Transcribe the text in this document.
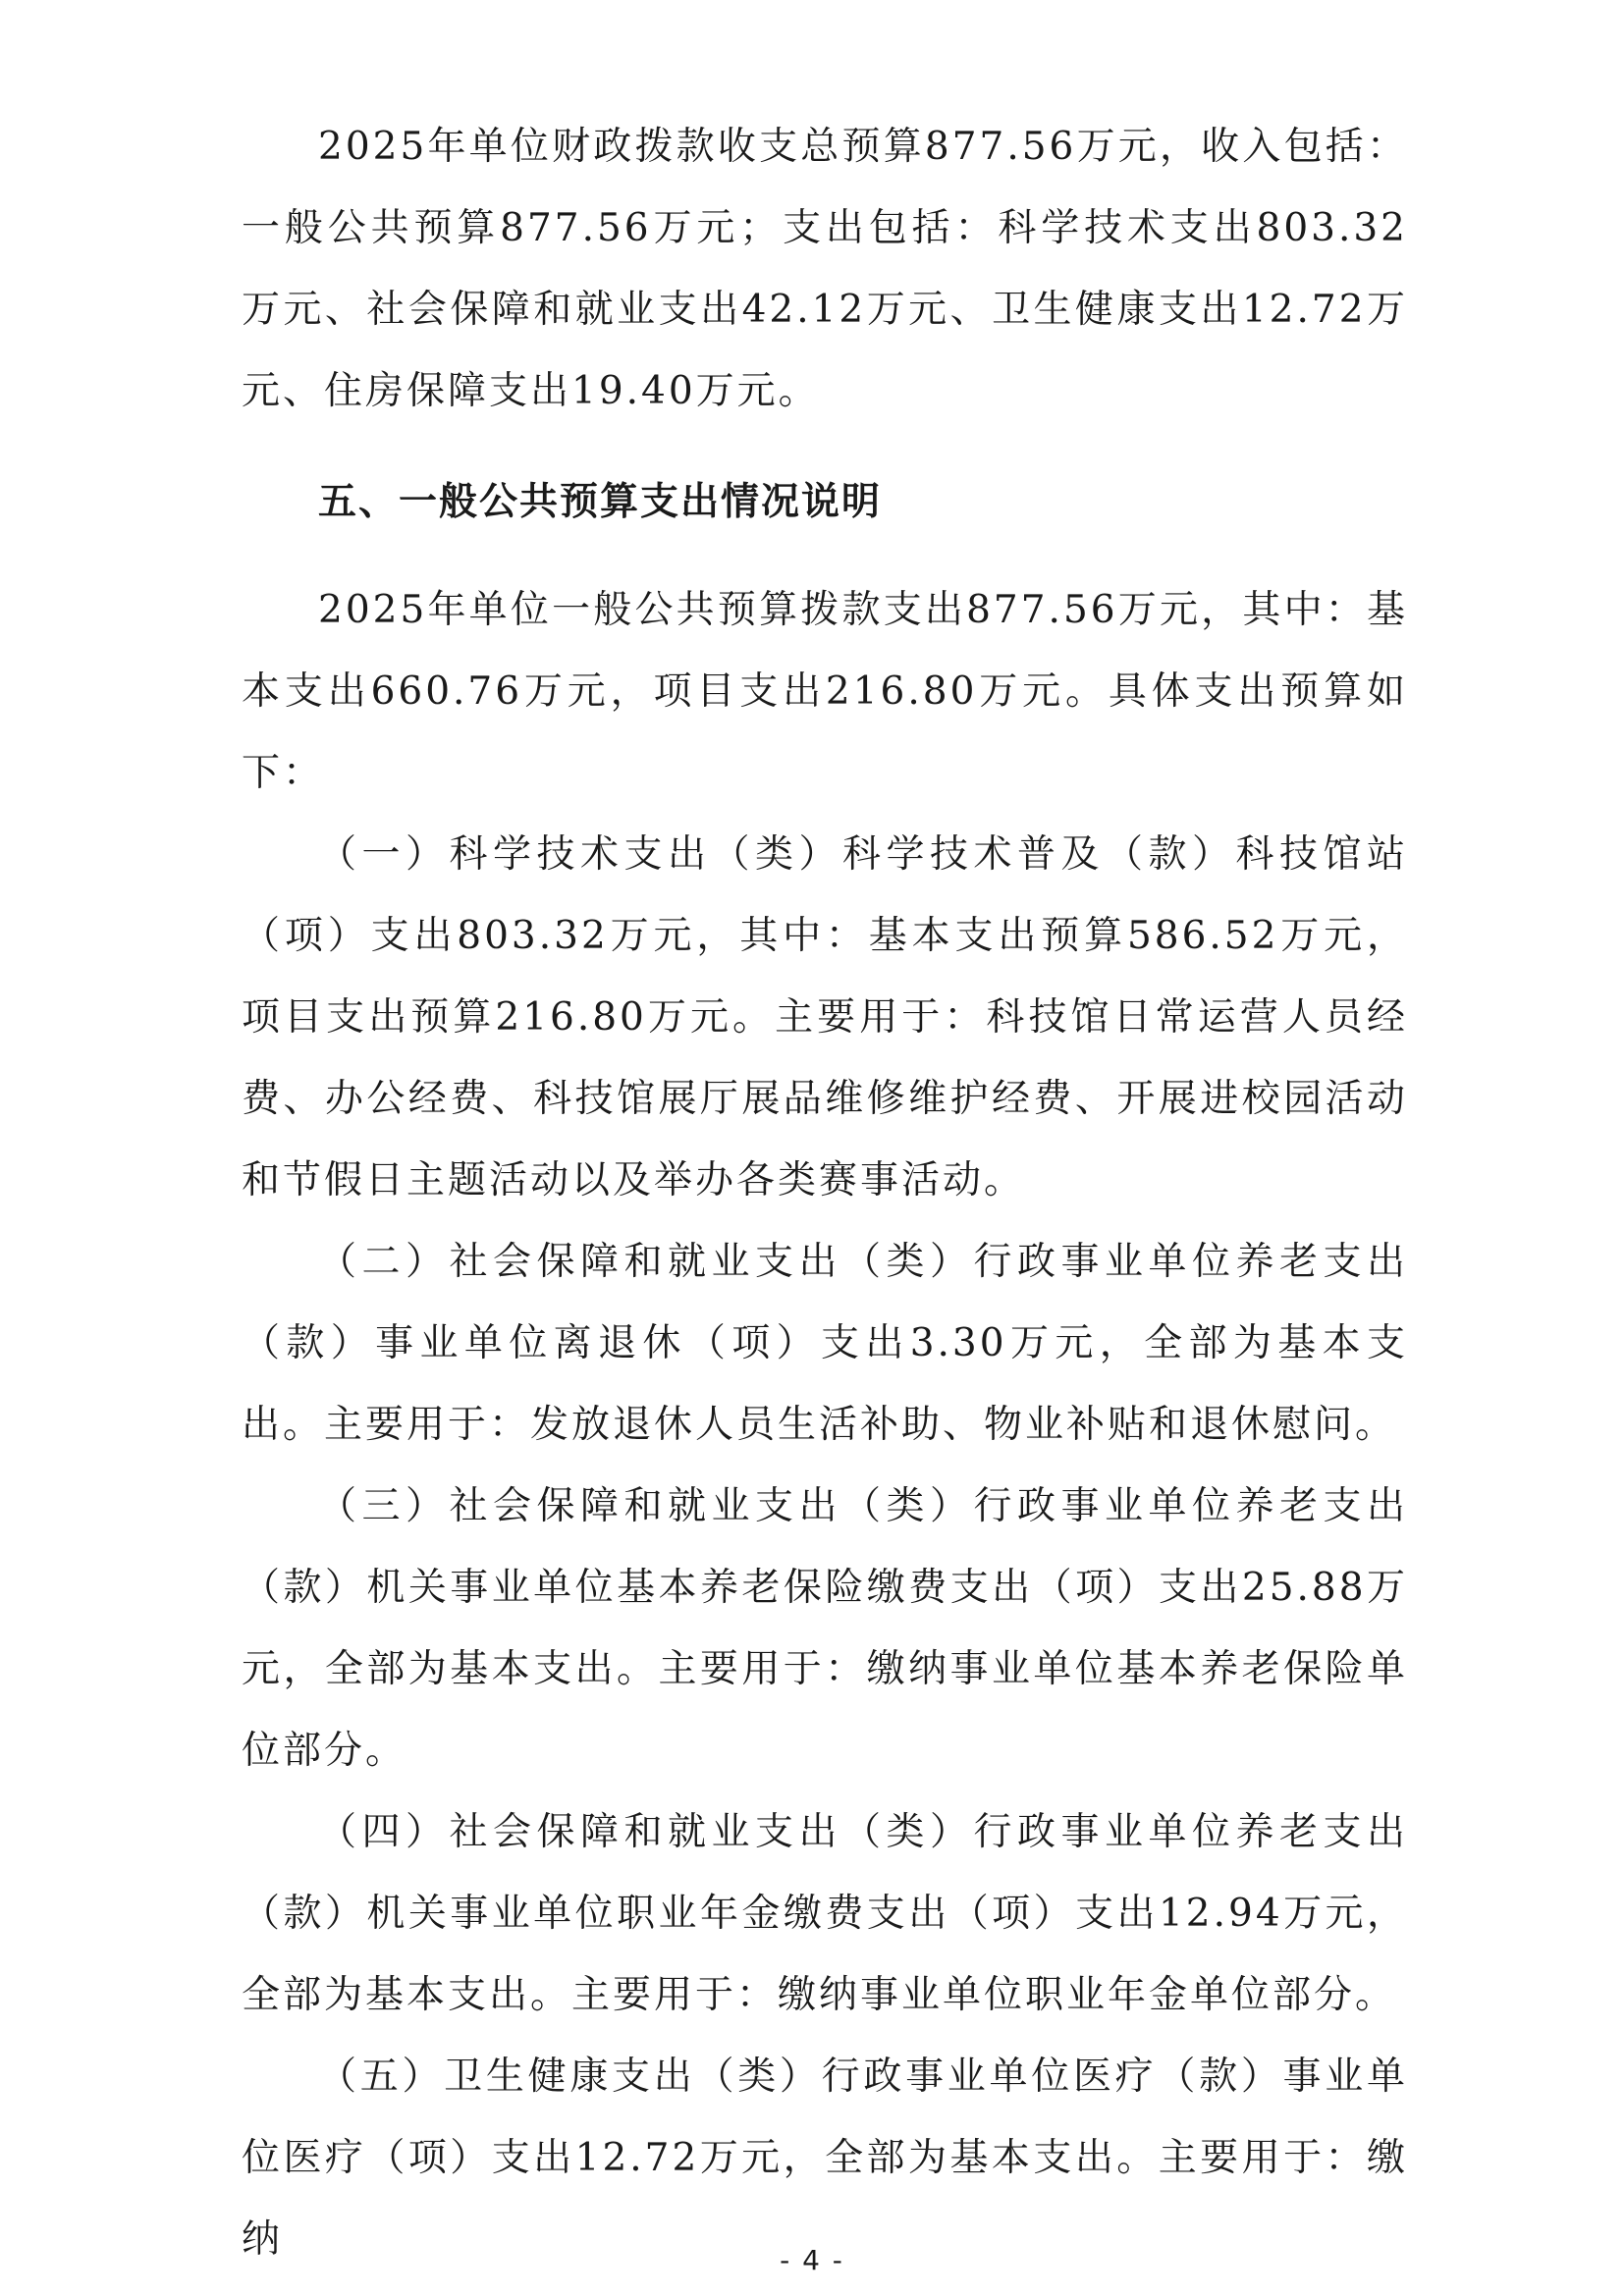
2025年单位财政拨款收支总预算877.56万元，收入包括：一般公共预算877.56万元；支出包括：科学技术支出803.32万元、社会保障和就业支出42.12万元、卫生健康支出12.72万元、住房保障支出19.40万元。

五、一般公共预算支出情况说明

2025年单位一般公共预算拨款支出877.56万元，其中：基本支出660.76万元，项目支出216.80万元。具体支出预算如下：

（一）科学技术支出（类）科学技术普及（款）科技馆站（项）支出803.32万元，其中：基本支出预算586.52万元，项目支出预算216.80万元。主要用于：科技馆日常运营人员经费、办公经费、科技馆展厅展品维修维护经费、开展进校园活动和节假日主题活动以及举办各类赛事活动。

（二）社会保障和就业支出（类）行政事业单位养老支出（款）事业单位离退休（项）支出3.30万元，全部为基本支出。主要用于：发放退休人员生活补助、物业补贴和退休慰问。

（三）社会保障和就业支出（类）行政事业单位养老支出（款）机关事业单位基本养老保险缴费支出（项）支出25.88万元，全部为基本支出。主要用于：缴纳事业单位基本养老保险单位部分。

（四）社会保障和就业支出（类）行政事业单位养老支出（款）机关事业单位职业年金缴费支出（项）支出12.94万元，全部为基本支出。主要用于：缴纳事业单位职业年金单位部分。

（五）卫生健康支出（类）行政事业单位医疗（款）事业单位医疗（项）支出12.72万元，全部为基本支出。主要用于：缴纳	- 4 -
